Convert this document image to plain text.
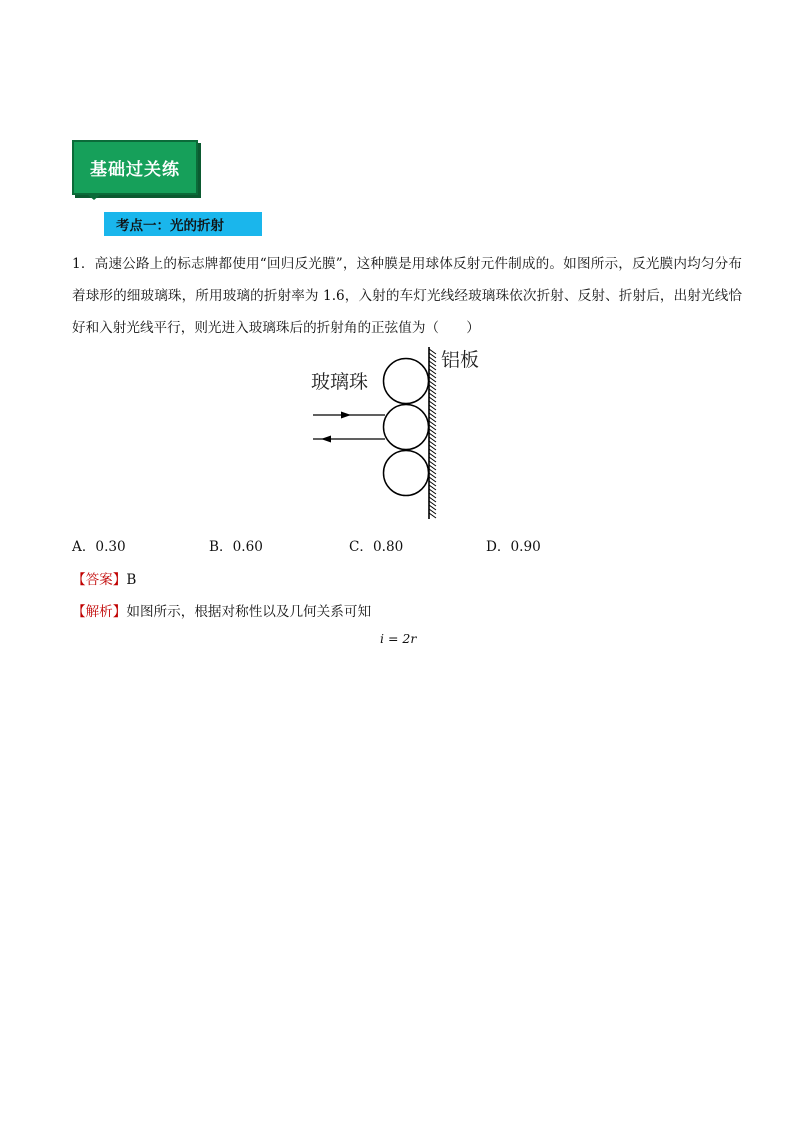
基础过关练
考点一：光的折射
1．高速公路上的标志牌都使用“回归反光膜”，这种膜是用球体反射元件制成的。如图所示，反光膜内均匀分布着球形的细玻璃珠，所用玻璃的折射率为 1.6，入射的车灯光线经玻璃珠依次折射、反射、折射后，出射光线恰好和入射光线平行，则光进入玻璃珠后的折射角的正弦值为（　　）
玻璃珠
铝板
A．0.30	B．0.60	C．0.80	D．0.90
【答案】B
【解析】如图所示，根据对称性以及几何关系可知
i = 2r
